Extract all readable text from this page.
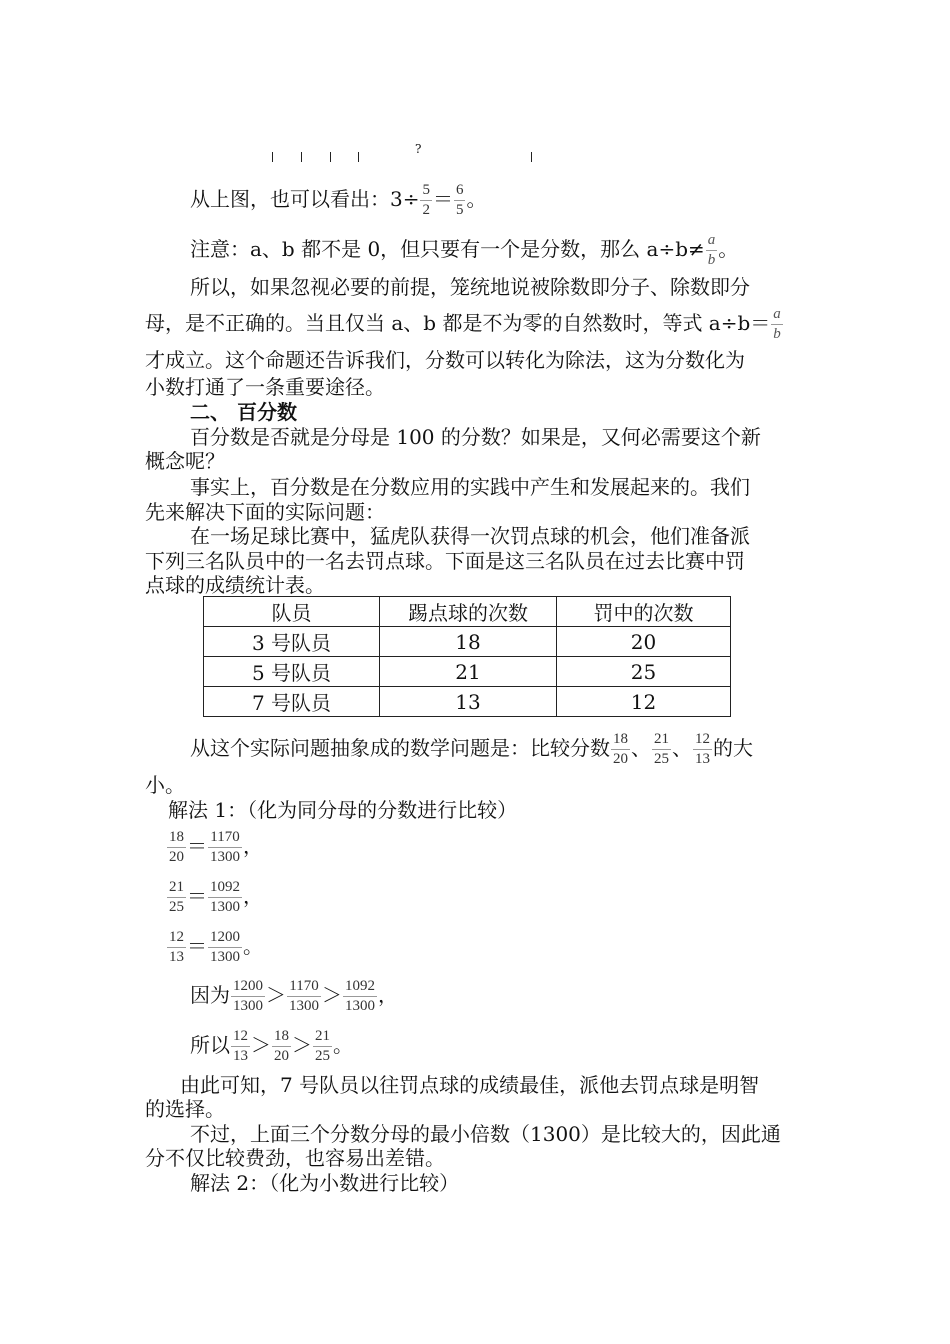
?
从上图，也可以看出：$3\div \frac{5}{2} = \frac{6}{5}$ 。
注意：a、b 都不是 0，但只要有一个是分数，那么 $a\div b\ne \frac{a}{b}$ 。
所以，如果忽视必要的前提，笼统地说被除数即分子、除数即分
母，是不正确的。当且仅当 a、b 都是不为零的自然数时，等式 $a\div b= \frac{a}{b}$
才成立。这个命题还告诉我们，分数可以转化为除法，这为分数化为
小数打通了一条重要途径。
二、 百分数
百分数是否就是分母是 100 的分数？如果是，又何必需要这个新
概念呢？
事实上，百分数是在分数应用的实践中产生和发展起来的。我们
先来解决下面的实际问题：
在一场足球比赛中，猛虎队获得一次罚点球的机会，他们准备派
下列三名队员中的一名去罚点球。下面是这三名队员在过去比赛中罚
点球的成绩统计表。
队员	踢点球的次数	罚中的次数
3 号队员	18	20
5 号队员	21	25
7 号队员	13	12
从这个实际问题抽象成的数学问题是：比较分数 $\frac{18}{20}$ 、 $\frac{21}{25}$ 、 $\frac{12}{13}$ 的大
小。
解法 1：（化为同分母的分数进行比较）
$\frac{18}{20} = \frac{1170}{1300}$ ，
$\frac{21}{25} = \frac{1092}{1300}$ ，
$\frac{12}{13} = \frac{1200}{1300}$ 。
因为 $\frac{1200}{1300} > \frac{1170}{1300} > \frac{1092}{1300}$ ，
所以 $\frac{12}{13} > \frac{18}{20} > \frac{21}{25}$ 。
由此可知，7 号队员以往罚点球的成绩最佳，派他去罚点球是明智
的选择。
不过，上面三个分数分母的最小倍数（1300）是比较大的，因此通
分不仅比较费劲，也容易出差错。
解法 2：（化为小数进行比较）
